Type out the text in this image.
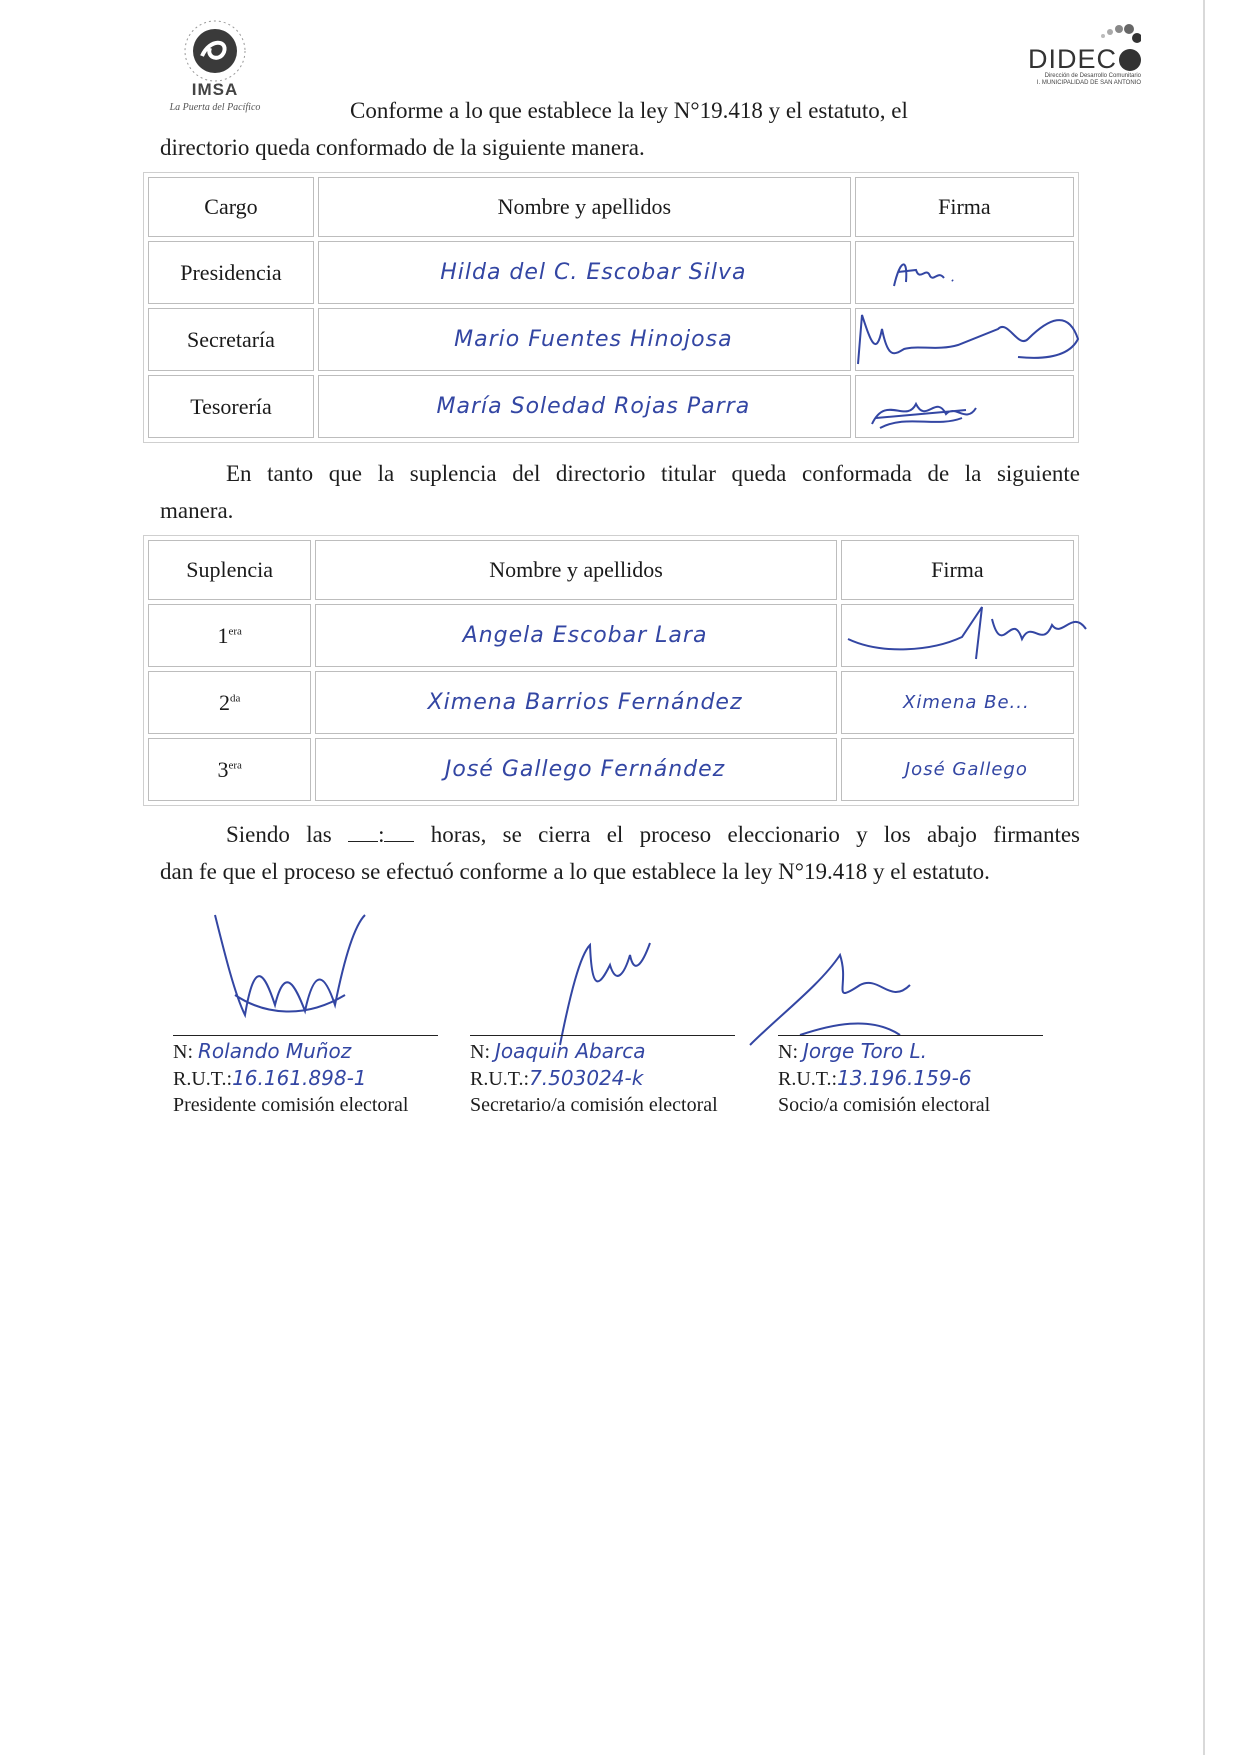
IMSA
La Puerta del Pacífico
DIDEC
Dirección de Desarrollo Comunitario
I. MUNICIPALIDAD DE SAN ANTONIO
Conforme a lo que establece la ley N°19.418 y el estatuto, el
directorio queda conformado de la siguiente manera.
Cargo	Nombre y apellidos	Firma
Presidencia	Hilda del C. Escobar Silva	

Secretaría	Mario Fuentes Hinojosa	

Tesorería	María Soledad Rojas Parra	
En tanto que la suplencia del directorio titular queda conformada de la siguiente
manera.
Suplencia	Nombre y apellidos	Firma
$1^{era}$	Angela Escobar Lara	

$2^{da}$	Ximena Barrios Fernández	Ximena Be...
$3^{era}$	José Gallego Fernández	José Gallego
Siendo las : horas, se cierra el proceso eleccionario y los abajo firmantes
dan fe que el proceso se efectuó conforme a lo que establece la ley N°19.418 y el estatuto.
N: Rolando Muñoz
R.U.T.:16.161.898-1
Presidente comisión electoral
N: Joaquin Abarca
R.U.T.:7.503024-k
Secretario/a comisión electoral
N: Jorge Toro L.
R.U.T.:13.196.159-6
Socio/a comisión electoral
